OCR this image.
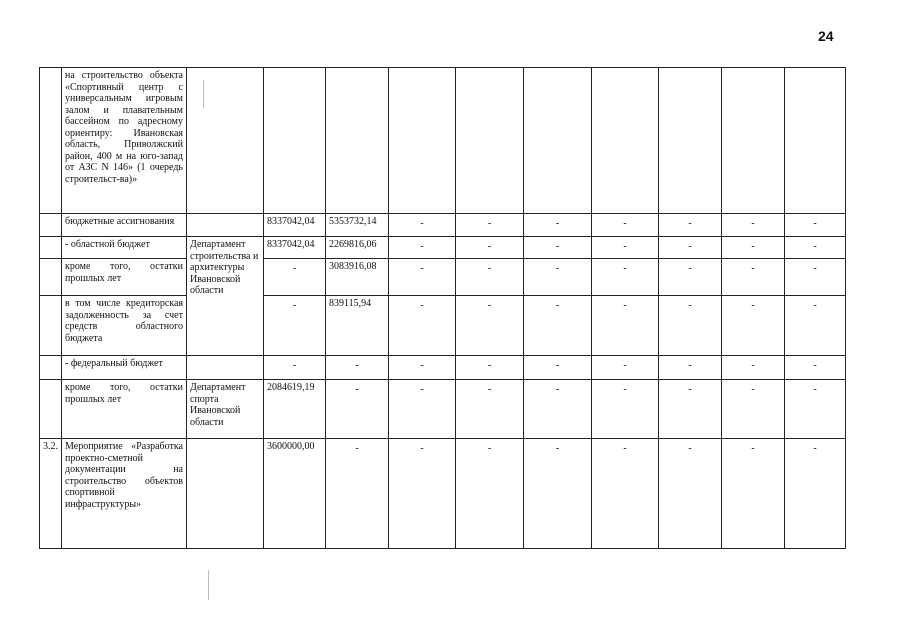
24
	на строительство объекта «Спортивный центр с универсальным игровым залом и плавательным бассейном по адресному ориентиру: Ивановская область, Приволжский район, 400 м на юго-запад от АЗС N 146» (1 очередь строительст-ва)»										
	бюджетные ассигнования		8337042,04	5353732,14	-	-	-	-	-	-	-
	- областной бюджет	Департамент строительства и архитектуры Ивановской области	8337042,04	2269816,06	-	-	-	-	-	-	-
	кроме того, остатки прошлых лет		-	3083916,08	-	-	-	-	-	-	-
	в том числе кредиторская задолженность за счет средств областного бюджета		-	839115,94	-	-	-	-	-	-	-
	- федеральный бюджет		-	-	-	-	-	-	-	-	-
	кроме того, остатки прошлых лет	Департамент спорта Ивановской области	2084619,19	-	-	-	-	-	-	-	-
3.2.	Мероприятие «Разработка проектно-сметной документации на строительство объектов спортивной инфраструктуры»		3600000,00	-	-	-	-	-	-	-	-
